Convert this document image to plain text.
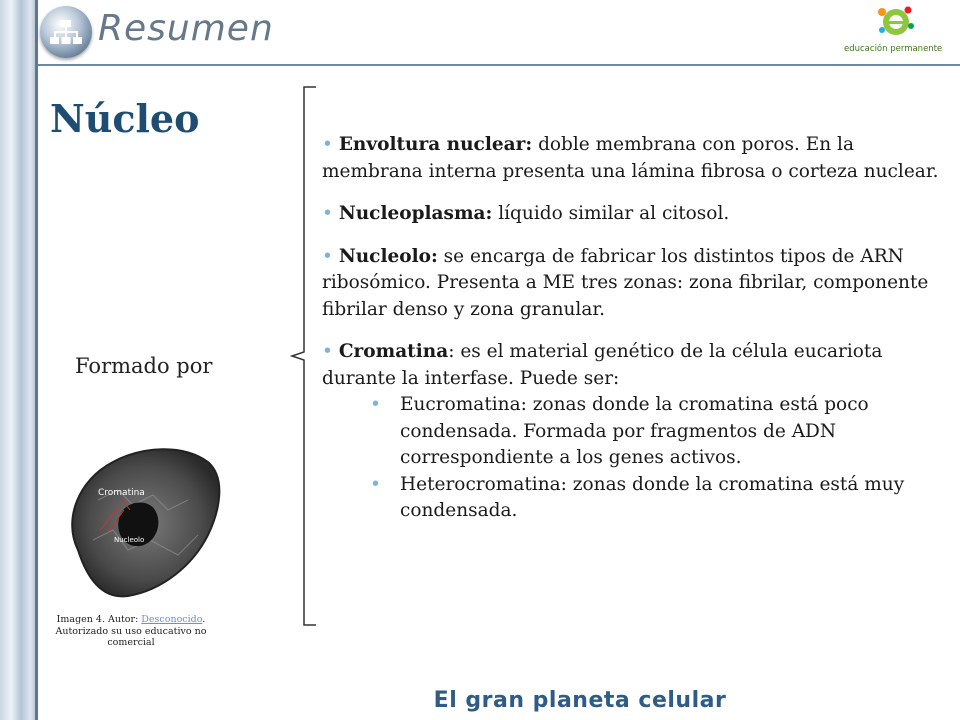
Resumen	educación permanente
Núcleo
Formado por

• Envoltura nuclear: doble membrana con poros. En la membrana interna presenta una lámina fibrosa o corteza nuclear.

• Nucleoplasma: líquido similar al citosol.

• Nucleolo: se encarga de fabricar los distintos tipos de ARN ribosómico. Presenta a ME tres zonas: zona fibrilar, componente fibrilar denso y zona granular.

• Cromatina: es el material genético de la célula eucariota durante la interfase. Puede ser:

• Eucromatina: zonas donde la cromatina está poco condensada. Formada por fragmentos de ADN correspondiente a los genes activos.
• Heterocromatina: zonas donde la cromatina está muy condensada.
Cromatina
Nucleolo
Imagen 4. Autor: Desconocido. Autorizado su uso educativo no comercial
El gran planeta celular
